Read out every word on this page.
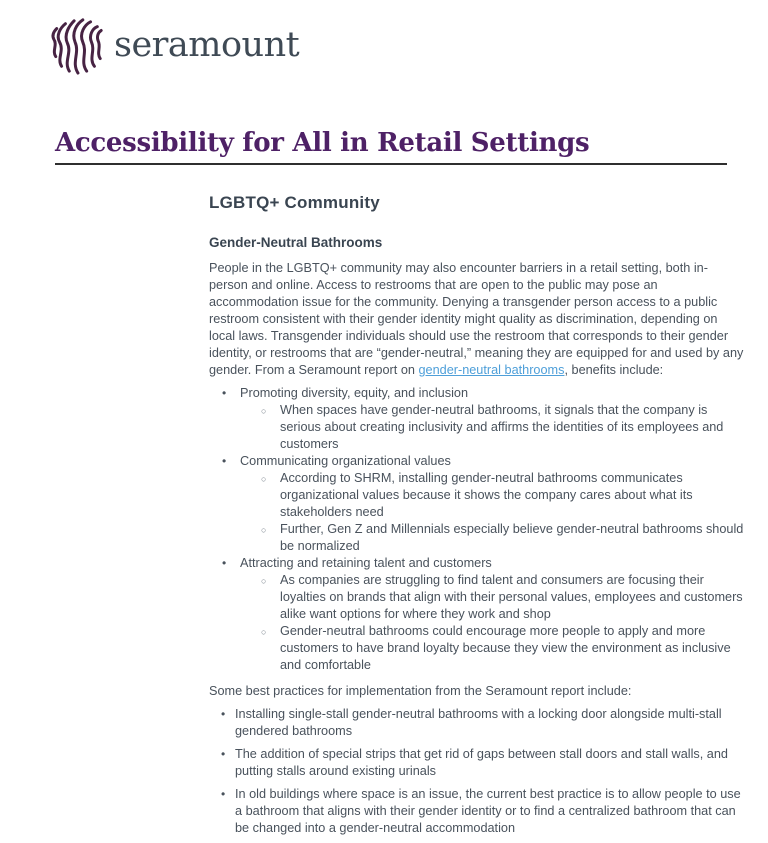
seramount
Accessibility for All in Retail Settings
LGBTQ+ Community
Gender-Neutral Bathrooms

People in the LGBTQ+ community may also encounter barriers in a retail setting, both in-person and online. Access to restrooms that are open to the public may pose an accommodation issue for the community. Denying a transgender person access to a public restroom consistent with their gender identity might quality as discrimination, depending on local laws. Transgender individuals should use the restroom that corresponds to their gender identity, or restrooms that are “gender-neutral,” meaning they are equipped for and used by any gender. From a Seramount report on gender-neutral bathrooms, benefits include:

• Promoting diversity, equity, and inclusion
○ When spaces have gender-neutral bathrooms, it signals that the company is serious about creating inclusivity and affirms the identities of its employees and customers
• Communicating organizational values
○ According to SHRM, installing gender-neutral bathrooms communicates organizational values because it shows the company cares about what its stakeholders need
○ Further, Gen Z and Millennials especially believe gender-neutral bathrooms should be normalized
• Attracting and retaining talent and customers
○ As companies are struggling to find talent and consumers are focusing their loyalties on brands that align with their personal values, employees and customers alike want options for where they work and shop
○ Gender-neutral bathrooms could encourage more people to apply and more customers to have brand loyalty because they view the environment as inclusive and comfortable

Some best practices for implementation from the Seramount report include:

• Installing single-stall gender-neutral bathrooms with a locking door alongside multi-stall gendered bathrooms
• The addition of special strips that get rid of gaps between stall doors and stall walls, and putting stalls around existing urinals
• In old buildings where space is an issue, the current best practice is to allow people to use a bathroom that aligns with their gender identity or to find a centralized bathroom that can be changed into a gender-neutral accommodation
